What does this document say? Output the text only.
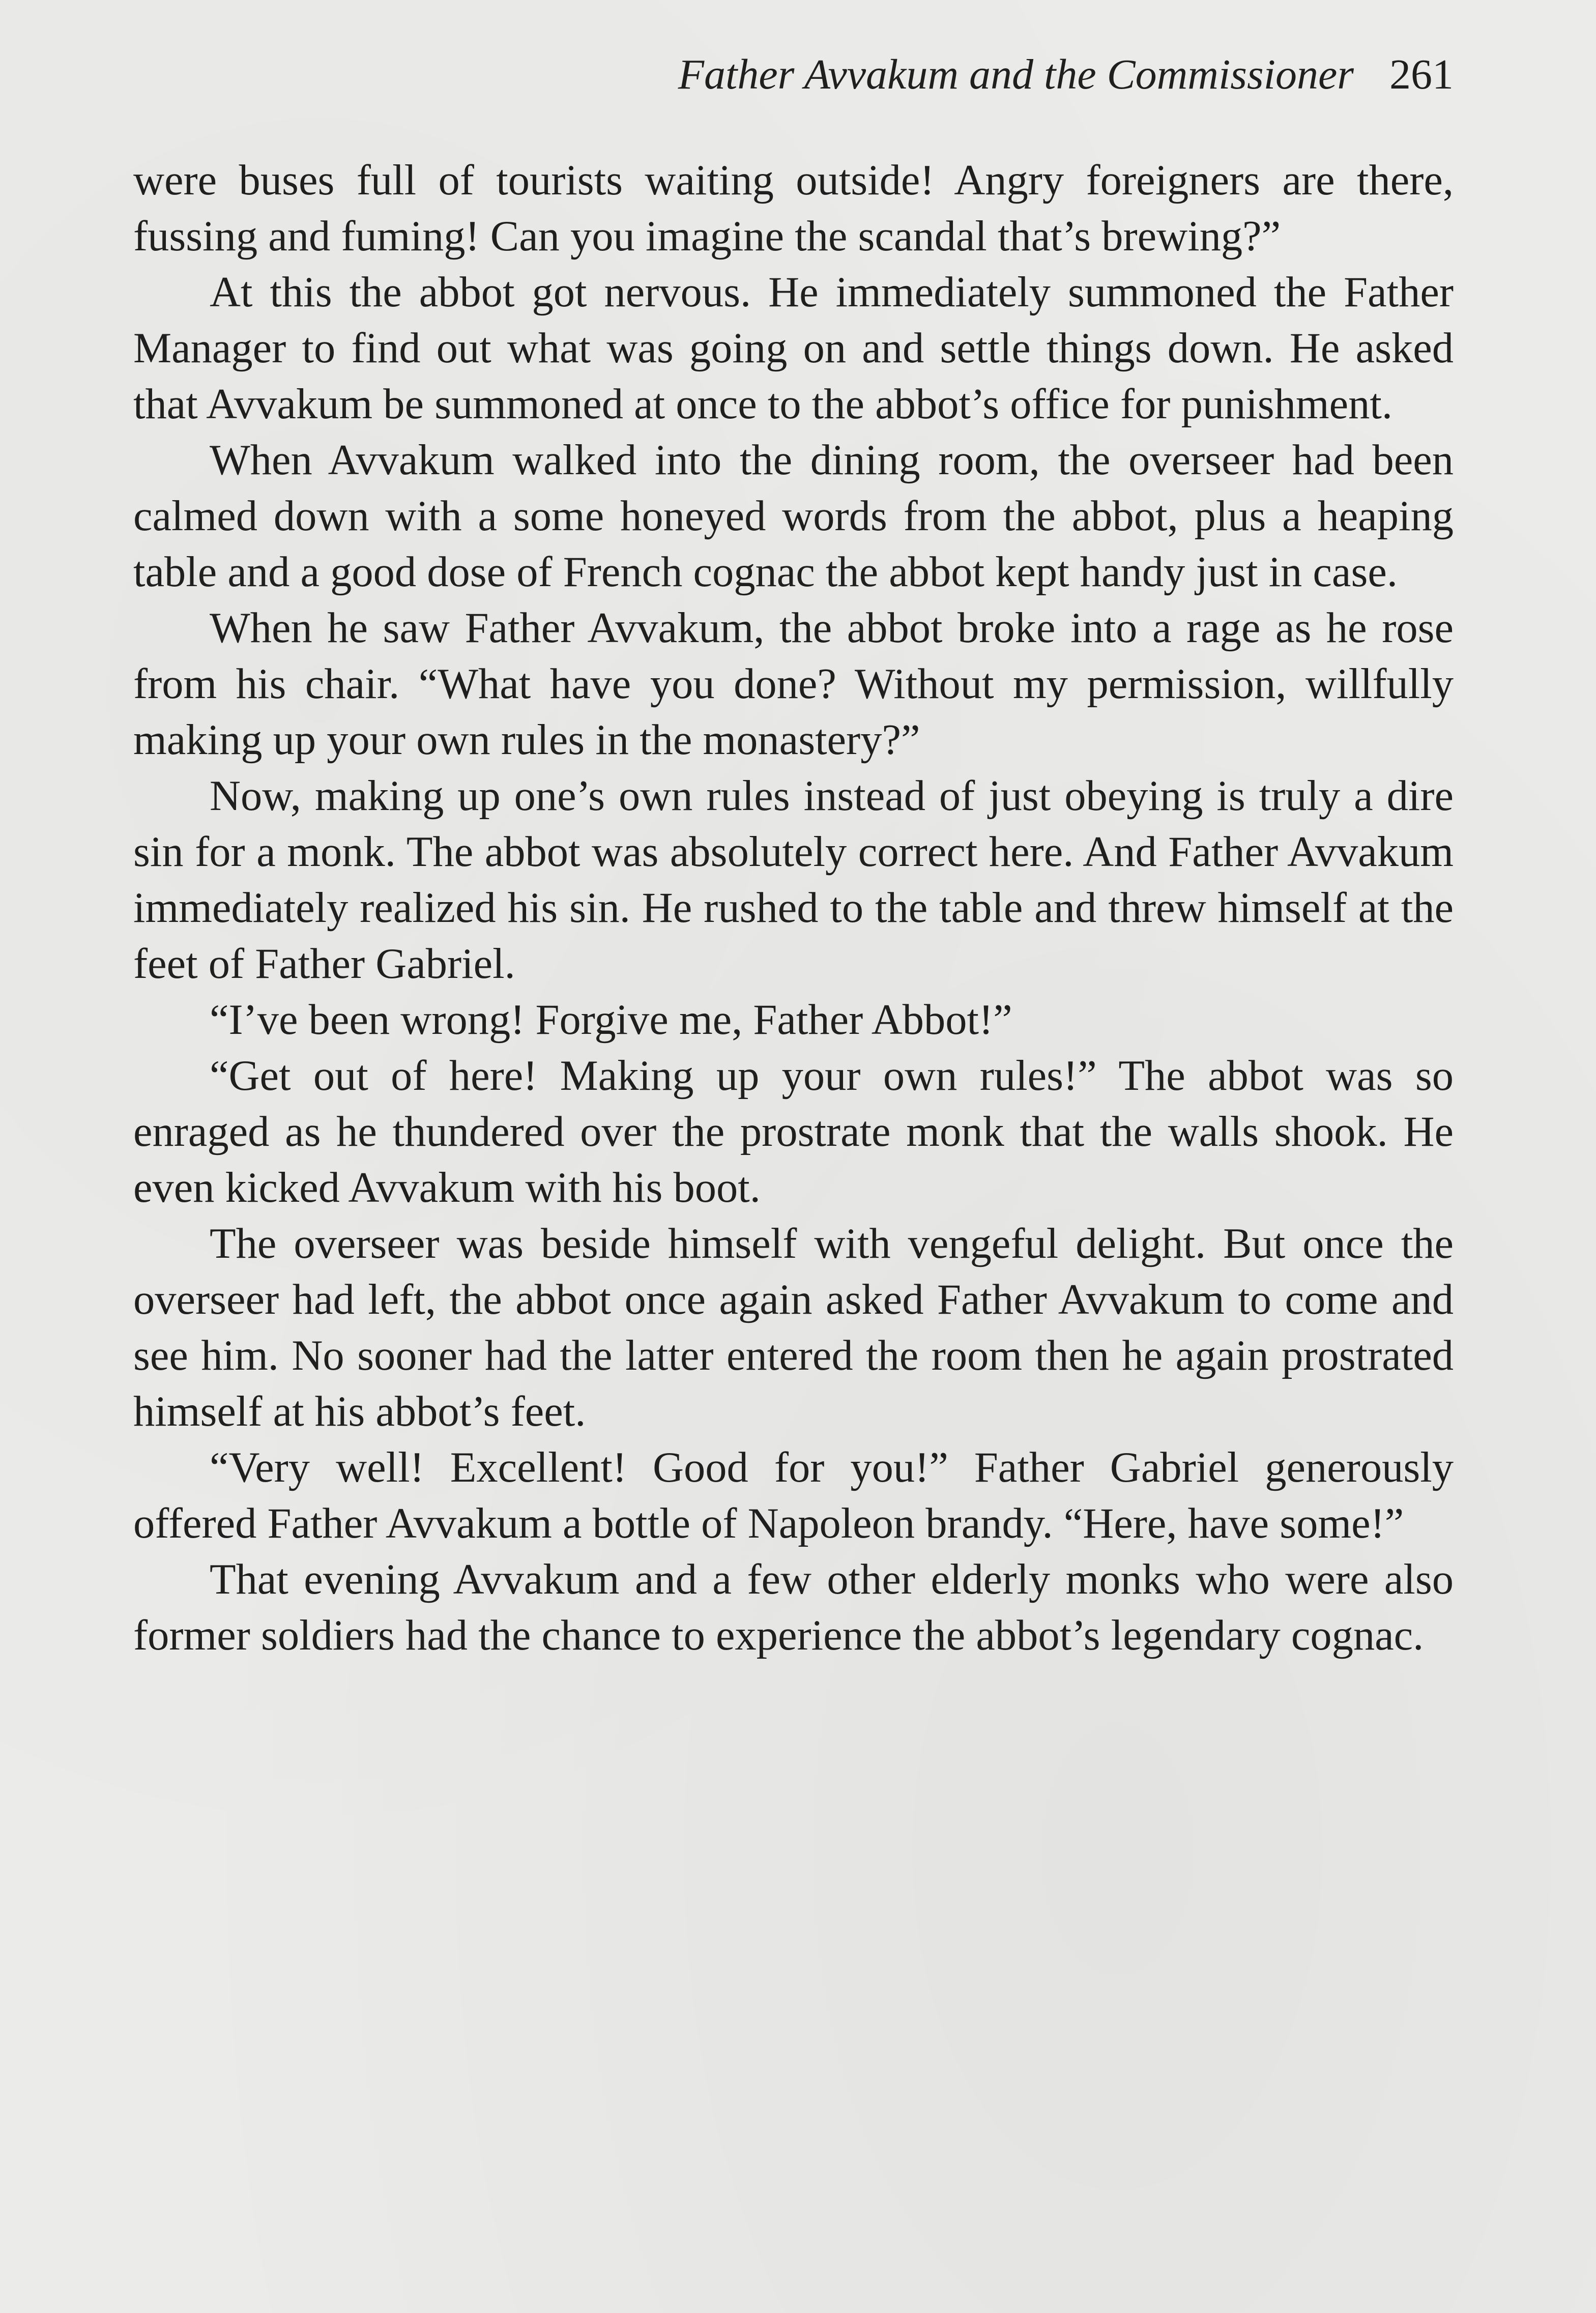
Father Avvakum and the Commissioner 261

were buses full of tourists waiting outside! Angry foreigners are there, fussing and fuming! Can you imagine the scandal that’s brewing?”

At this the abbot got nervous. He immediately summoned the Father Manager to find out what was going on and settle things down. He asked that Avvakum be summoned at once to the abbot’s office for punishment.

When Avvakum walked into the dining room, the overseer had been calmed down with a some honeyed words from the abbot, plus a heaping table and a good dose of French cognac the abbot kept handy just in case.

When he saw Father Avvakum, the abbot broke into a rage as he rose from his chair. “What have you done? Without my permission, willfully making up your own rules in the monastery?”

Now, making up one’s own rules instead of just obeying is truly a dire sin for a monk. The abbot was absolutely correct here. And Father Avvakum immediately realized his sin. He rushed to the table and threw himself at the feet of Father Gabriel.

“I’ve been wrong! Forgive me, Father Abbot!”

“Get out of here! Making up your own rules!” The abbot was so enraged as he thundered over the prostrate monk that the walls shook. He even kicked Avvakum with his boot.

The overseer was beside himself with vengeful delight. But once the overseer had left, the abbot once again asked Father Avvakum to come and see him. No sooner had the latter entered the room then he again prostrated himself at his abbot’s feet.

“Very well! Excellent! Good for you!” Father Gabriel generously offered Father Avvakum a bottle of Napoleon brandy. “Here, have some!”

That evening Avvakum and a few other elderly monks who were also former soldiers had the chance to experience the abbot’s legendary cognac.
